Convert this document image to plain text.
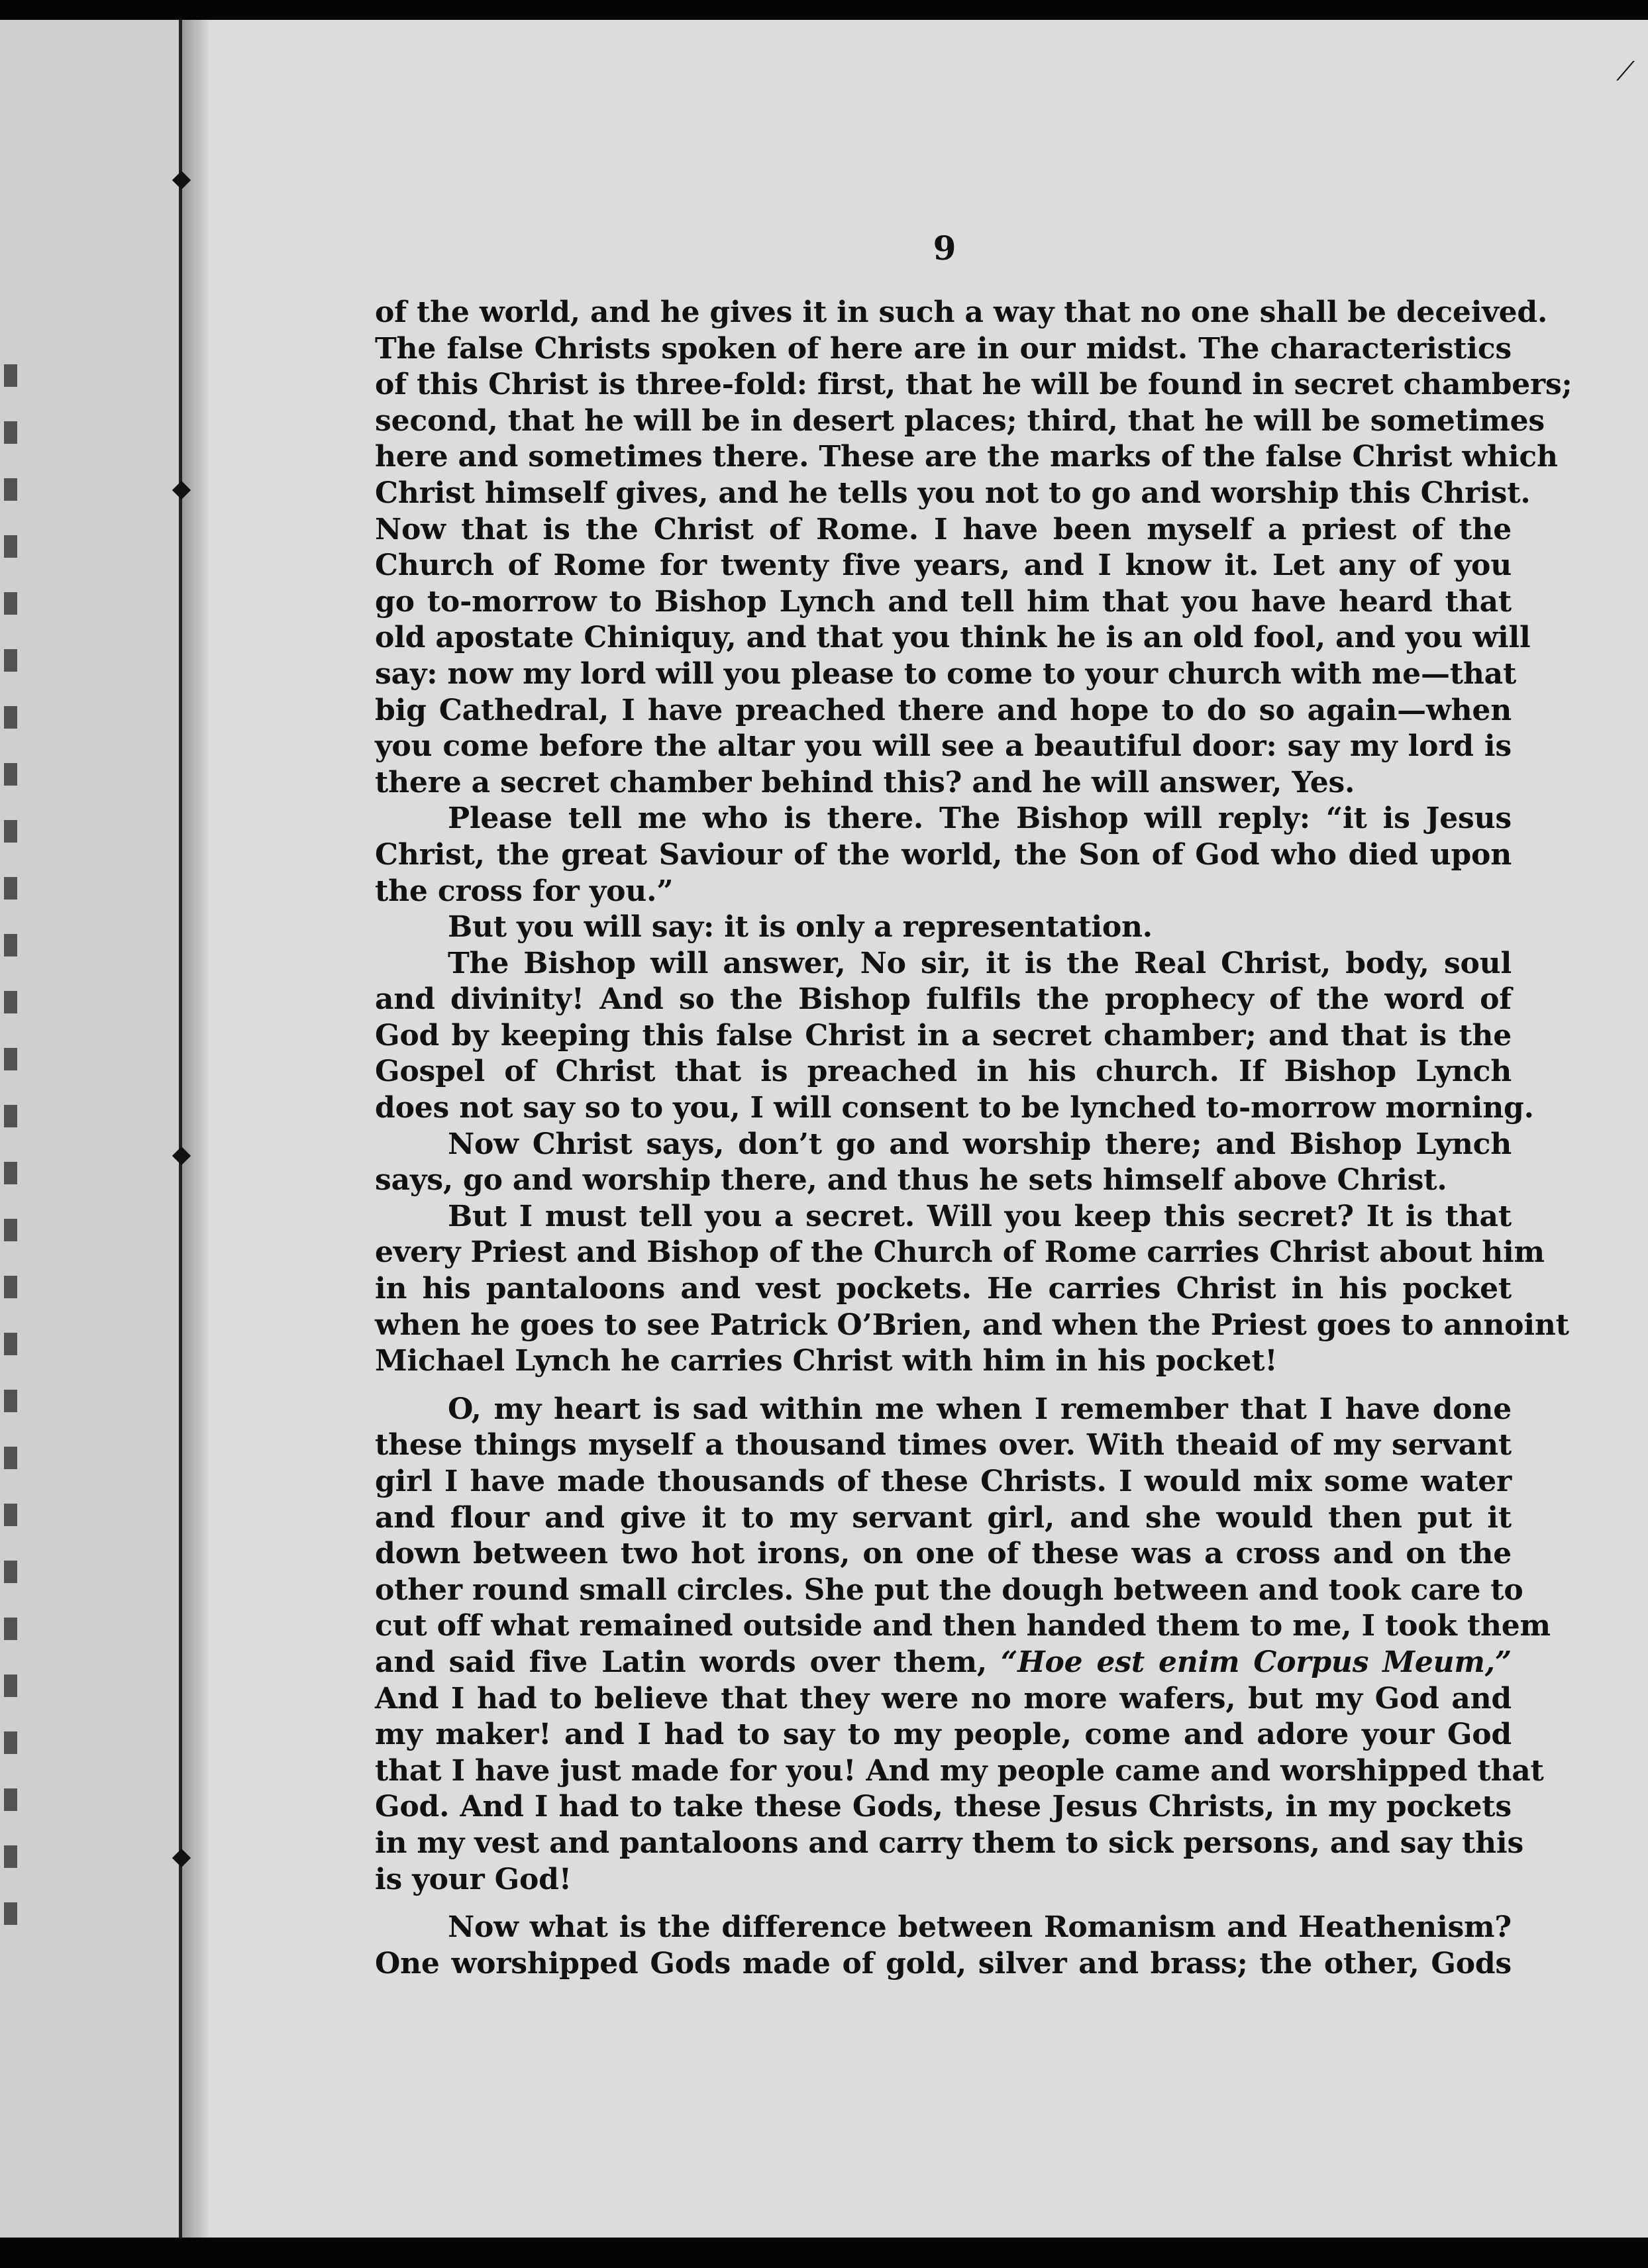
⟋
9
of the world, and he gives it in such a way that no one shall be deceived.
The false Christs spoken of here are in our midst. The characteristics
of this Christ is three-fold: first, that he will be found in secret chambers;
second, that he will be in desert places; third, that he will be sometimes
here and sometimes there. These are the marks of the false Christ which
Christ himself gives, and he tells you not to go and worship this Christ.
Now that is the Christ of Rome. I have been myself a priest of the
Church of Rome for twenty five years, and I know it. Let any of you
go to-morrow to Bishop Lynch and tell him that you have heard that
old apostate Chiniquy, and that you think he is an old fool, and you will
say: now my lord will you please to come to your church with me—that
big Cathedral, I have preached there and hope to do so again—when
you come before the altar you will see a beautiful door: say my lord is
there a secret chamber behind this? and he will answer, Yes.
Please tell me who is there. The Bishop will reply: “it is Jesus
Christ, the great Saviour of the world, the Son of God who died upon
the cross for you.”
But you will say: it is only a representation.
The Bishop will answer, No sir, it is the Real Christ, body, soul
and divinity! And so the Bishop fulfils the prophecy of the word of
God by keeping this false Christ in a secret chamber; and that is the
Gospel of Christ that is preached in his church. If Bishop Lynch
does not say so to you, I will consent to be lynched to-morrow morning.
Now Christ says, don’t go and worship there; and Bishop Lynch
says, go and worship there, and thus he sets himself above Christ.
But I must tell you a secret. Will you keep this secret? It is that
every Priest and Bishop of the Church of Rome carries Christ about him
in his pantaloons and vest pockets. He carries Christ in his pocket
when he goes to see Patrick O’Brien, and when the Priest goes to annoint
Michael Lynch he carries Christ with him in his pocket!
O, my heart is sad within me when I remember that I have done
these things myself a thousand times over. With theaid of my servant
girl I have made thousands of these Christs. I would mix some water
and flour and give it to my servant girl, and she would then put it
down between two hot irons, on one of these was a cross and on the
other round small circles. She put the dough between and took care to
cut off what remained outside and then handed them to me, I took them
and said five Latin words over them, “Hoe est enim Corpus Meum,”
And I had to believe that they were no more wafers, but my God and
my maker! and I had to say to my people, come and adore your God
that I have just made for you! And my people came and worshipped that
God. And I had to take these Gods, these Jesus Christs, in my pockets
in my vest and pantaloons and carry them to sick persons, and say this
is your God!
Now what is the difference between Romanism and Heathenism?
One worshipped Gods made of gold, silver and brass; the other, Gods
